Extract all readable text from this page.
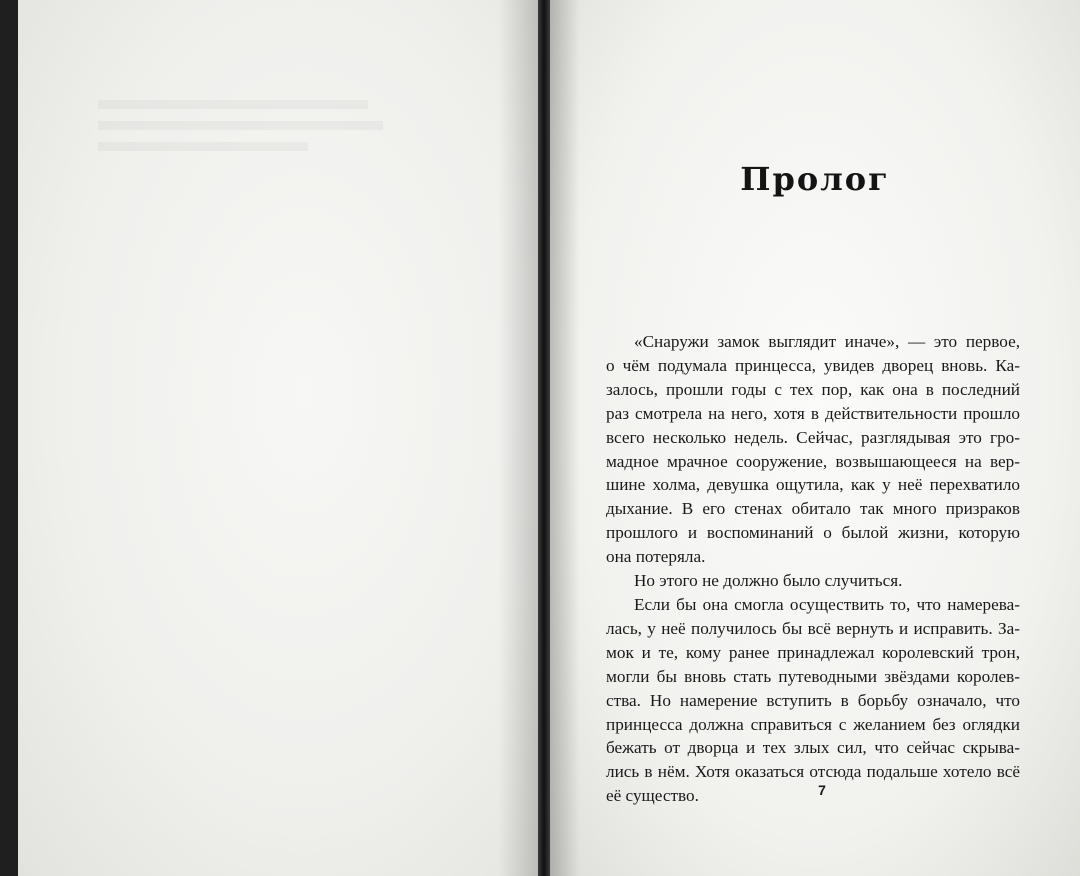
Пролог
«Снаружи замок выглядит иначе», — это первое,
о чём подумала принцесса, увидев дворец вновь. Ка-
залось, прошли годы с тех пор, как она в последний
раз смотрела на него, хотя в действительности прошло
всего несколько недель. Сейчас, разглядывая это гро-
мадное мрачное сооружение, возвышающееся на вер-
шине холма, девушка ощутила, как у неё перехватило
дыхание. В его стенах обитало так много призраков
прошлого и воспоминаний о былой жизни, которую
она потеряла.
Но этого не должно было случиться.
Если бы она смогла осуществить то, что намерева-
лась, у неё получилось бы всё вернуть и исправить. За-
мок и те, кому ранее принадлежал королевский трон,
могли бы вновь стать путеводными звёздами королев-
ства. Но намерение вступить в борьбу означало, что
принцесса должна справиться с желанием без оглядки
бежать от дворца и тех злых сил, что сейчас скрыва-
лись в нём. Хотя оказаться отсюда подальше хотело всё
её существо.	7
